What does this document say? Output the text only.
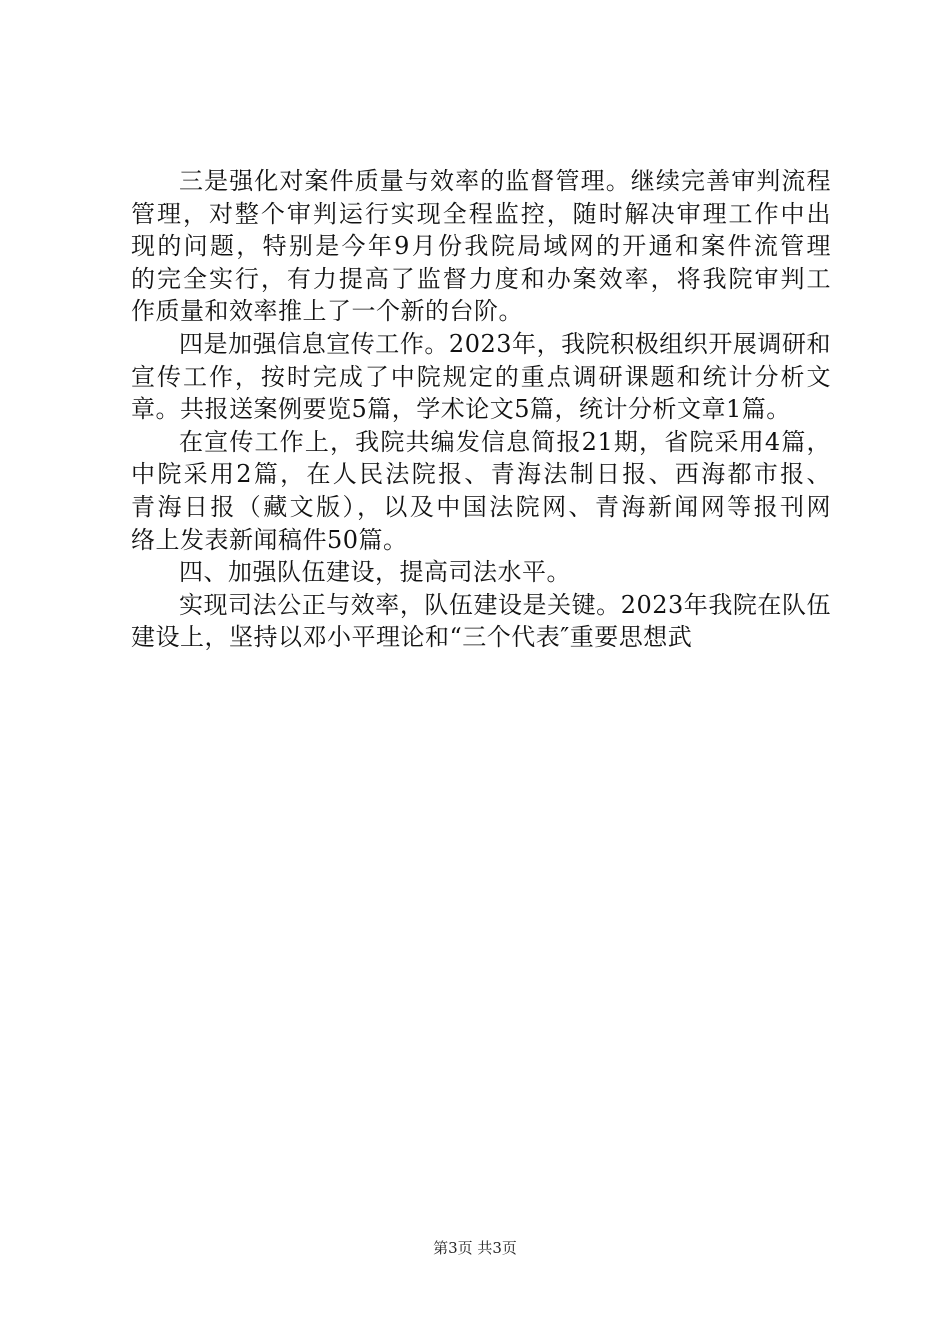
三是强化对案件质量与效率的监督管理。继续完善审判流程
管理，对整个审判运行实现全程监控，随时解决审理工作中出
现的问题，特别是今年9月份我院局域网的开通和案件流管理
的完全实行，有力提高了监督力度和办案效率，将我院审判工
作质量和效率推上了一个新的台阶。
四是加强信息宣传工作。2023年，我院积极组织开展调研和
宣传工作，按时完成了中院规定的重点调研课题和统计分析文
章。共报送案例要览5篇，学术论文5篇，统计分析文章1篇。
在宣传工作上，我院共编发信息简报21期，省院采用4篇，
中院采用2篇，在人民法院报、青海法制日报、西海都市报、
青海日报（藏文版），以及中国法院网、青海新闻网等报刊网
络上发表新闻稿件50篇。
四、加强队伍建设，提高司法水平。
实现司法公正与效率，队伍建设是关键。2023年我院在队伍
建设上，坚持以邓小平理论和“三个代表″重要思想武
第3页 共3页
